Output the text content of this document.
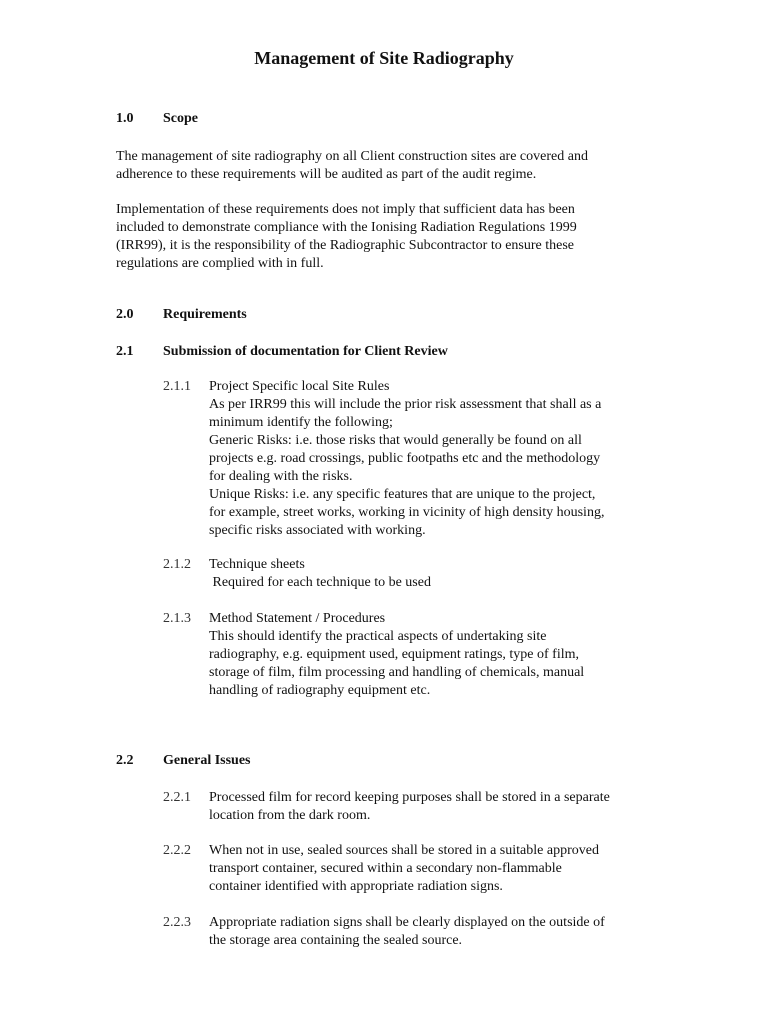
Management of Site Radiography
1.0 Scope
The management of site radiography on all Client construction sites are covered and
adherence to these requirements will be audited as part of the audit regime.
Implementation of these requirements does not imply that sufficient data has been
included to demonstrate compliance with the Ionising Radiation Regulations 1999
(IRR99), it is the responsibility of the Radiographic Subcontractor to ensure these
regulations are complied with in full.
2.0 Requirements
2.1 Submission of documentation for Client Review
2.1.1	Project Specific local Site Rules
As per IRR99 this will include the prior risk assessment that shall as a
minimum identify the following;
Generic Risks: i.e. those risks that would generally be found on all
projects e.g. road crossings, public footpaths etc and the methodology
for dealing with the risks.
Unique Risks: i.e. any specific features that are unique to the project,
for example, street works, working in vicinity of high density housing,
specific risks associated with working.
2.1.2	Technique sheets
Required for each technique to be used
2.1.3	Method Statement / Procedures
This should identify the practical aspects of undertaking site
radiography, e.g. equipment used, equipment ratings, type of film,
storage of film, film processing and handling of chemicals, manual
handling of radiography equipment etc.
2.2 General Issues
2.2.1	Processed film for record keeping purposes shall be stored in a separate
location from the dark room.
2.2.2	When not in use, sealed sources shall be stored in a suitable approved
transport container, secured within a secondary non-flammable
container identified with appropriate radiation signs.
2.2.3	Appropriate radiation signs shall be clearly displayed on the outside of
the storage area containing the sealed source.
